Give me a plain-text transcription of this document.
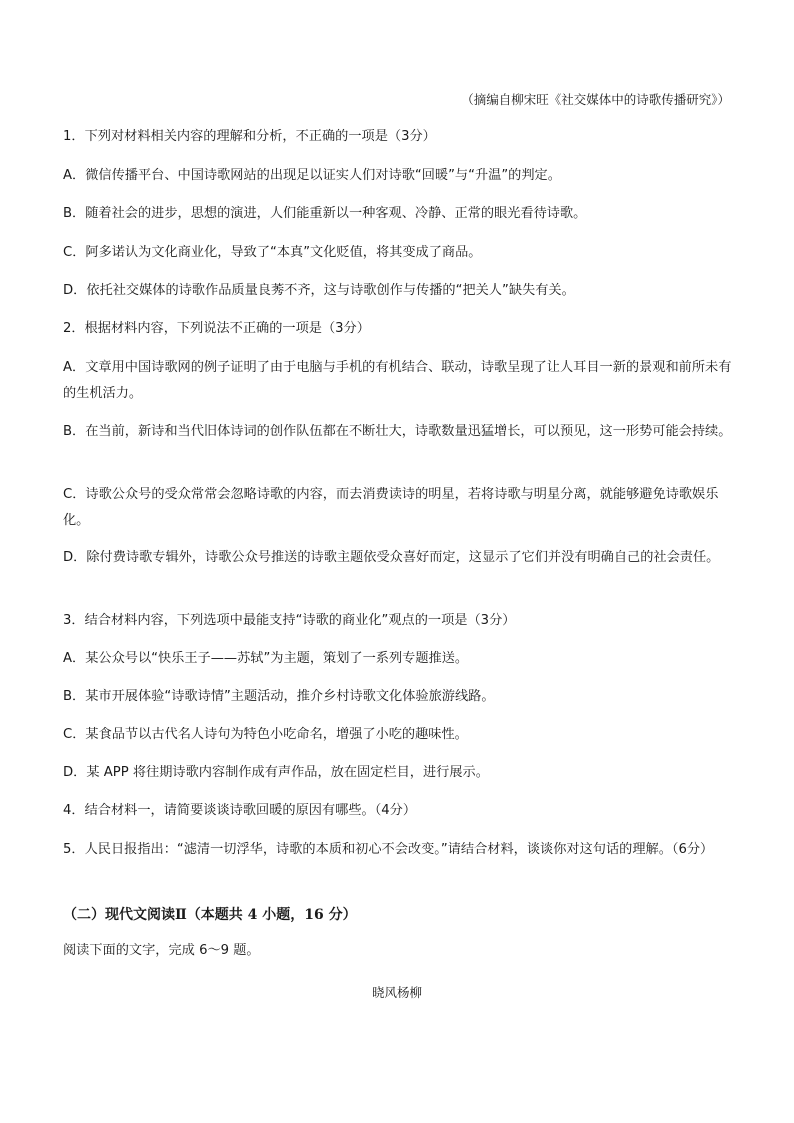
（摘编自柳宋旺《社交媒体中的诗歌传播研究》）
1．下列对材料相关内容的理解和分析，不正确的一项是（3分）
A．微信传播平台、中国诗歌网站的出现足以证实人们对诗歌“回暖”与“升温”的判定。
B．随着社会的进步，思想的演进，人们能重新以一种客观、冷静、正常的眼光看待诗歌。
C．阿多诺认为文化商业化，导致了“本真”文化贬值，将其变成了商品。
D．依托社交媒体的诗歌作品质量良莠不齐，这与诗歌创作与传播的“把关人”缺失有关。
2．根据材料内容，下列说法不正确的一项是（3分）
A．文章用中国诗歌网的例子证明了由于电脑与手机的有机结合、联动，诗歌呈现了让人耳目一新的景观和前所未有的生机活力。
B．在当前，新诗和当代旧体诗词的创作队伍都在不断壮大，诗歌数量迅猛增长，可以预见，这一形势可能会持续。
C．诗歌公众号的受众常常会忽略诗歌的内容，而去消费读诗的明星，若将诗歌与明星分离，就能够避免诗歌娱乐化。
D．除付费诗歌专辑外，诗歌公众号推送的诗歌主题依受众喜好而定，这显示了它们并没有明确自己的社会责任。
3．结合材料内容，下列选项中最能支持“诗歌的商业化”观点的一项是（3分）
A．某公众号以“快乐王子——苏轼”为主题，策划了一系列专题推送。
B．某市开展体验“诗歌诗情”主题活动，推介乡村诗歌文化体验旅游线路。
C．某食品节以古代名人诗句为特色小吃命名，增强了小吃的趣味性。
D．某 APP 将往期诗歌内容制作成有声作品，放在固定栏目，进行展示。
4．结合材料一，请简要谈谈诗歌回暖的原因有哪些。（4分）
5．人民日报指出：“滤清一切浮华，诗歌的本质和初心不会改变。”请结合材料，谈谈你对这句话的理解。（6分）
（二）现代文阅读Ⅱ（本题共 4 小题，16 分）
阅读下面的文字，完成 6～9 题。
晓风杨柳
